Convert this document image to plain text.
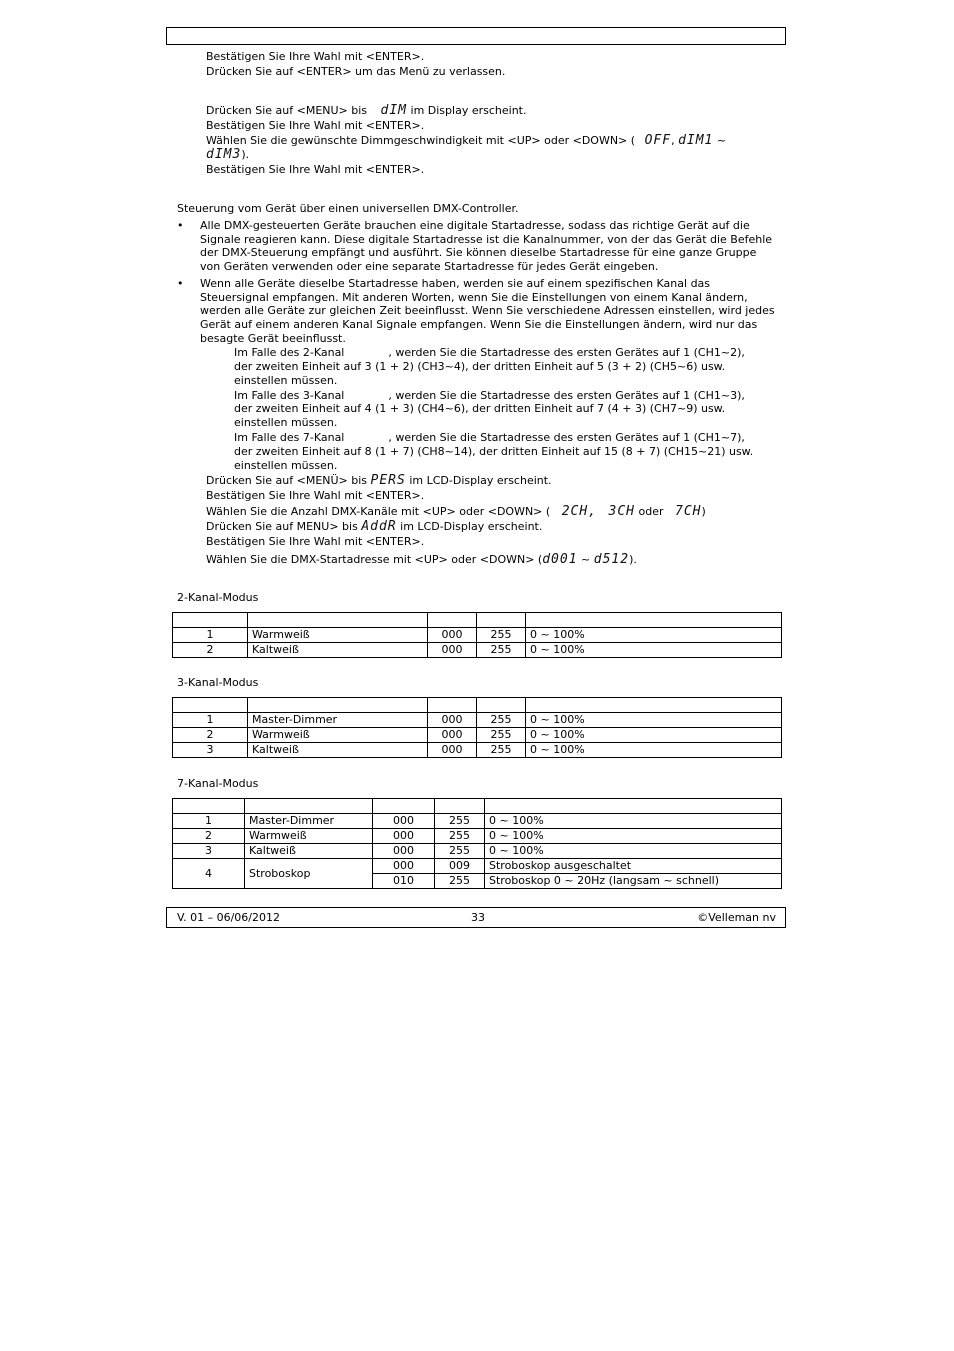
Bestätigen Sie Ihre Wahl mit <ENTER>.
Drücken Sie auf <ENTER> um das Menü zu verlassen.
Drücken Sie auf <MENU> bis dIM im Display erscheint.
Bestätigen Sie Ihre Wahl mit <ENTER>.
Wählen Sie die gewünschte Dimmgeschwindigkeit mit <UP> oder <DOWN> ( OFF, dIM1 ~
dIM3).
Bestätigen Sie Ihre Wahl mit <ENTER>.
Steuerung vom Gerät über einen universellen DMX-Controller.
• Alle DMX-gesteuerten Geräte brauchen eine digitale Startadresse, sodass das richtige Gerät auf die Signale reagieren kann. Diese digitale Startadresse ist die Kanalnummer, von der das Gerät die Befehle der DMX-Steuerung empfängt und ausführt. Sie können dieselbe Startadresse für eine ganze Gruppe von Geräten verwenden oder eine separate Startadresse für jedes Gerät eingeben.
• Wenn alle Geräte dieselbe Startadresse haben, werden sie auf einem spezifischen Kanal das Steuersignal empfangen. Mit anderen Worten, wenn Sie die Einstellungen von einem Kanal ändern, werden alle Geräte zur gleichen Zeit beeinflusst. Wenn Sie verschiedene Adressen einstellen, wird jedes Gerät auf einem anderen Kanal Signale empfangen. Wenn Sie die Einstellungen ändern, wird nur das besagte Gerät beeinflusst.
Im Falle des 2-Kanal	, werden Sie die Startadresse des ersten Gerätes auf 1 (CH1~2),
der zweiten Einheit auf 3 (1 + 2) (CH3~4), der dritten Einheit auf 5 (3 + 2) (CH5~6) usw.
einstellen müssen.
Im Falle des 3-Kanal	, werden Sie die Startadresse des ersten Gerätes auf 1 (CH1~3),
der zweiten Einheit auf 4 (1 + 3) (CH4~6), der dritten Einheit auf 7 (4 + 3) (CH7~9) usw.
einstellen müssen.
Im Falle des 7-Kanal	, werden Sie die Startadresse des ersten Gerätes auf 1 (CH1~7),
der zweiten Einheit auf 8 (1 + 7) (CH8~14), der dritten Einheit auf 15 (8 + 7) (CH15~21) usw.
einstellen müssen.
Drücken Sie auf <MENÜ> bis PERS im LCD-Display erscheint.
Bestätigen Sie Ihre Wahl mit <ENTER>.
Wählen Sie die Anzahl DMX-Kanäle mit <UP> oder <DOWN> ( 2CH, 3CH oder 7CH)
Drücken Sie auf MENU> bis AddR im LCD-Display erscheint.
Bestätigen Sie Ihre Wahl mit <ENTER>.
Wählen Sie die DMX-Startadresse mit <UP> oder <DOWN> (d001 ~ d512).
2-Kanal-Modus

1	Warmweiß	000	255	0 ~ 100%
2	Kaltweiß	000	255	0 ~ 100%
3-Kanal-Modus

1	Master-Dimmer	000	255	0 ~ 100%
2	Warmweiß	000	255	0 ~ 100%
3	Kaltweiß	000	255	0 ~ 100%
7-Kanal-Modus

1	Master-Dimmer	000	255	0 ~ 100%
2	Warmweiß	000	255	0 ~ 100%
3	Kaltweiß	000	255	0 ~ 100%
4	Stroboskop	000	009	Stroboskop ausgeschaltet
		010	255	Stroboskop 0 ~ 20Hz (langsam ~ schnell)
V. 01 – 06/06/2012	33	©Velleman nv
